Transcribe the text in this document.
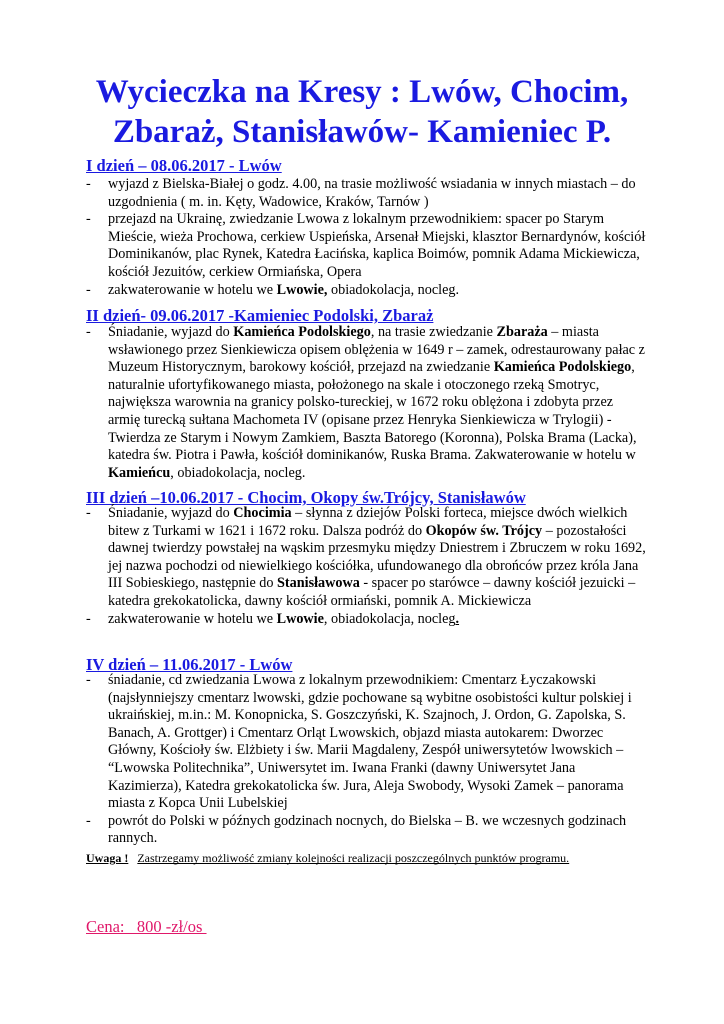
Wycieczka na Kresy : Lwów, Chocim,
Zbaraż, Stanisławów- Kamieniec P.
I dzień – 08.06.2017 - Lwów
- wyjazd z Bielska-Białej o godz. 4.00, na trasie możliwość wsiadania w innych miastach – do uzgodnienia ( m. in. Kęty, Wadowice, Kraków, Tarnów )
- przejazd na Ukrainę, zwiedzanie Lwowa z lokalnym przewodnikiem: spacer po Starym Mieście, wieża Prochowa, cerkiew Uspieńska, Arsenał Miejski, klasztor Bernardynów, kościół Dominikanów, plac Rynek, Katedra Łacińska, kaplica Boimów, pomnik Adama Mickiewicza, kościół Jezuitów, cerkiew Ormiańska, Opera
- zakwaterowanie w hotelu we Lwowie, obiadokolacja, nocleg.
II dzień- 09.06.2017 -Kamieniec Podolski, Zbaraż
- Śniadanie, wyjazd do Kamieńca Podolskiego, na trasie zwiedzanie Zbaraża – miasta wsławionego przez Sienkiewicza opisem oblężenia w 1649 r – zamek, odrestaurowany pałac z Muzeum Historycznym, barokowy kościół, przejazd na zwiedzanie Kamieńca Podolskiego, naturalnie ufortyfikowanego miasta, położonego na skale i otoczonego rzeką Smotryc, największa warownia na granicy polsko-tureckiej, w 1672 roku oblężona i zdobyta przez armię turecką sułtana Machometa IV (opisane przez Henryka Sienkiewicza w Trylogii) - Twierdza ze Starym i Nowym Zamkiem, Baszta Batorego (Koronna), Polska Brama (Lacka), katedra św. Piotra i Pawła, kościół dominikanów, Ruska Brama. Zakwaterowanie w hotelu w Kamieńcu, obiadokolacja, nocleg.
III dzień –10.06.2017 - Chocim, Okopy św.Trójcy, Stanisławów
- Śniadanie, wyjazd do Chocimia – słynna z dziejów Polski forteca, miejsce dwóch wielkich bitew z Turkami w 1621 i 1672 roku. Dalsza podróż do Okopów św. Trójcy – pozostałości dawnej twierdzy powstałej na wąskim przesmyku między Dniestrem i Zbruczem w roku 1692, jej nazwa pochodzi od niewielkiego kościółka, ufundowanego dla obrońców przez króla Jana III Sobieskiego, następnie do Stanisławowa - spacer po starówce – dawny kościół jezuicki – katedra grekokatolicka, dawny kościół ormiański, pomnik A. Mickiewicza
- zakwaterowanie w hotelu we Lwowie, obiadokolacja, nocleg.
IV dzień – 11.06.2017 - Lwów
- śniadanie, cd zwiedzania Lwowa z lokalnym przewodnikiem: Cmentarz Łyczakowski (najsłynniejszy cmentarz lwowski, gdzie pochowane są wybitne osobistości kultur polskiej i ukraińskiej, m.in.: M. Konopnicka, S. Goszczyński, K. Szajnoch, J. Ordon, G. Zapolska, S. Banach, A. Grottger) i Cmentarz Orląt Lwowskich, objazd miasta autokarem: Dworzec Główny, Kościoły św. Elżbiety i św. Marii Magdaleny, Zespół uniwersytetów lwowskich – “Lwowska Politechnika”, Uniwersytet im. Iwana Franki (dawny Uniwersytet Jana Kazimierza), Katedra grekokatolicka św. Jura, Aleja Swobody, Wysoki Zamek – panorama miasta z Kopca Unii Lubelskiej
- powrót do Polski w późnych godzinach nocnych, do Bielska – B. we wczesnych godzinach rannych.
Uwaga ! Zastrzegamy możliwość zmiany kolejności realizacji poszczególnych punktów programu.
Cena:   800 -zł/os
